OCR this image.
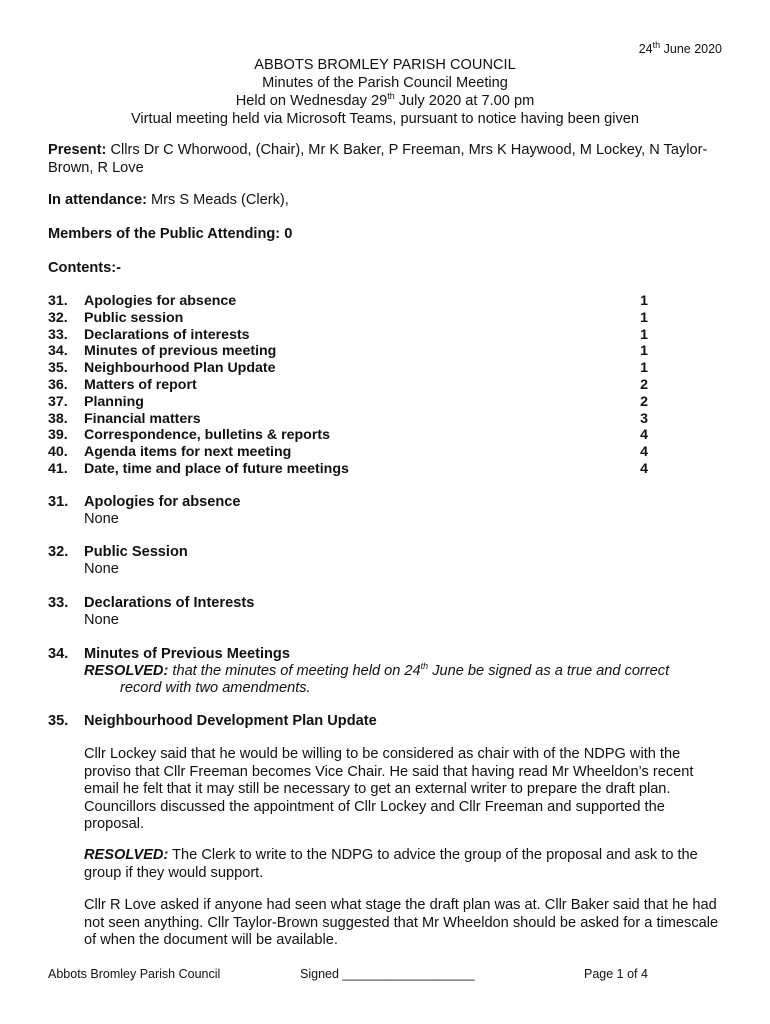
24th June 2020
ABBOTS BROMLEY PARISH COUNCIL
Minutes of the Parish Council Meeting
Held on Wednesday 29th July 2020 at 7.00 pm
Virtual meeting held via Microsoft Teams, pursuant to notice having been given
Present: Cllrs Dr C Whorwood, (Chair), Mr K Baker, P Freeman, Mrs K Haywood, M Lockey, N Taylor-Brown, R Love
In attendance: Mrs S Meads (Clerk),
Members of the Public Attending: 0
Contents:-
31.	Apologies for absence	1
32.	Public session	1
33.	Declarations of interests	1
34.	Minutes of previous meeting	1
35.	Neighbourhood Plan Update	1
36.	Matters of report	2
37.	Planning	2
38.	Financial matters	3
39.	Correspondence, bulletins & reports	4
40.	Agenda items for next meeting	4
41.	Date, time and place of future meetings	4
31. Apologies for absence
None
32. Public Session
None
33. Declarations of Interests
None
34. Minutes of Previous Meetings
RESOLVED: that the minutes of meeting held on 24th June be signed as a true and correct
record with two amendments.
35. Neighbourhood Development Plan Update
Cllr Lockey said that he would be willing to be considered as chair with of the NDPG with the proviso that Cllr Freeman becomes Vice Chair. He said that having read Mr Wheeldon’s recent email he felt that it may still be necessary to get an external writer to prepare the draft plan. Councillors discussed the appointment of Cllr Lockey and Cllr Freeman and supported the proposal.
RESOLVED: The Clerk to write to the NDPG to advice the group of the proposal and ask to the group if they would support.
Cllr R Love asked if anyone had seen what stage the draft plan was at. Cllr Baker said that he had not seen anything. Cllr Taylor-Brown suggested that Mr Wheeldon should be asked for a timescale of when the document will be available.
Abbots Bromley Parish Council	Signed ___________________	Page 1 of 4
